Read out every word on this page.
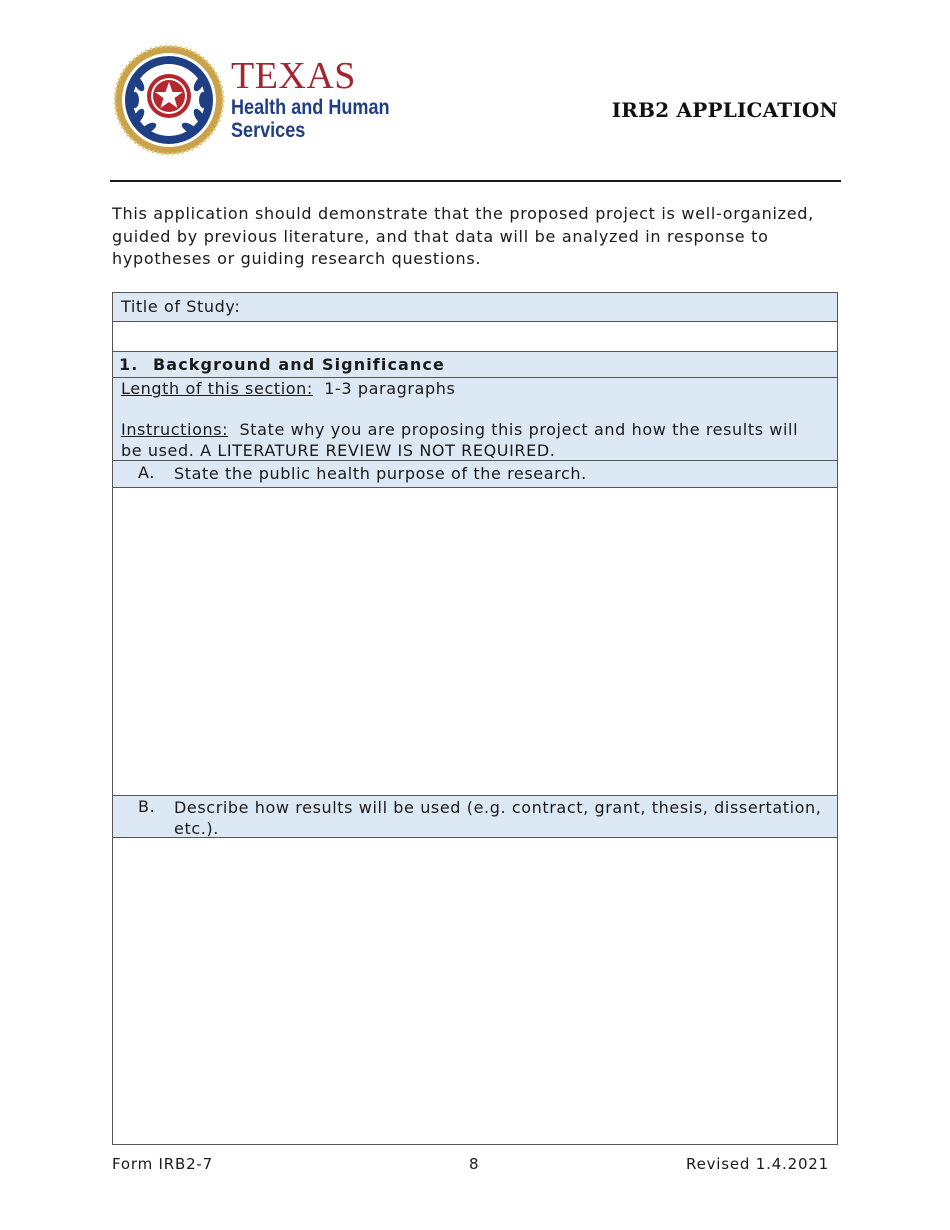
TEXAS
Health and Human
Services
IRB2 APPLICATION
This application should demonstrate that the proposed project is well-organized, guided by previous literature, and that data will be analyzed in response to hypotheses or guiding research questions.
Title of Study:
1. Background and Significance
Length of this section: 1-3 paragraphs
Instructions: State why you are proposing this project and how the results will be used. A LITERATURE REVIEW IS NOT REQUIRED.
A. State the public health purpose of the research.
B. Describe how results will be used (e.g. contract, grant, thesis, dissertation, etc.).
Form IRB2-7	8	Revised 1.4.2021
